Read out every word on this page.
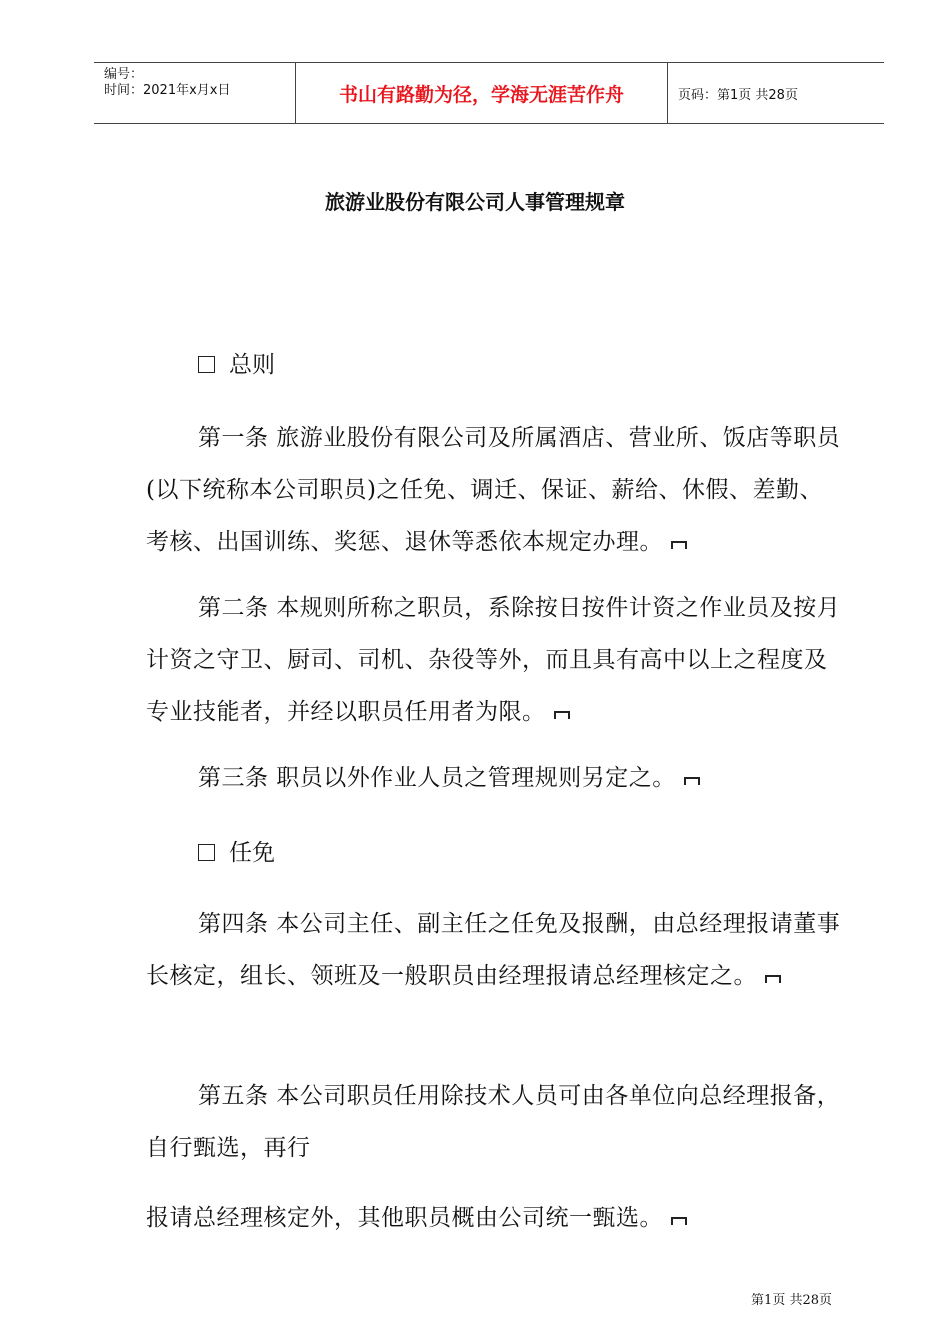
编号：
时间：2021年x月x日	书山有路勤为径，学海无涯苦作舟	页码：第1页 共28页
旅游业股份有限公司人事管理规章
总则
第一条 旅游业股份有限公司及所属酒店、营业所、饭店等职员(以下统称本公司职员)之任免、调迁、保证、薪给、休假、差勤、考核、出国训练、奖惩、退休等悉依本规定办理。
第二条 本规则所称之职员，系除按日按件计资之作业员及按月计资之守卫、厨司、司机、杂役等外，而且具有高中以上之程度及专业技能者，并经以职员任用者为限。
第三条 职员以外作业人员之管理规则另定之。
任免
第四条 本公司主任、副主任之任免及报酬，由总经理报请董事长核定，组长、领班及一般职员由经理报请总经理核定之。
第五条 本公司职员任用除技术人员可由各单位向总经理报备，自行甄选，再行
报请总经理核定外，其他职员概由公司统一甄选。
第1页 共28页
